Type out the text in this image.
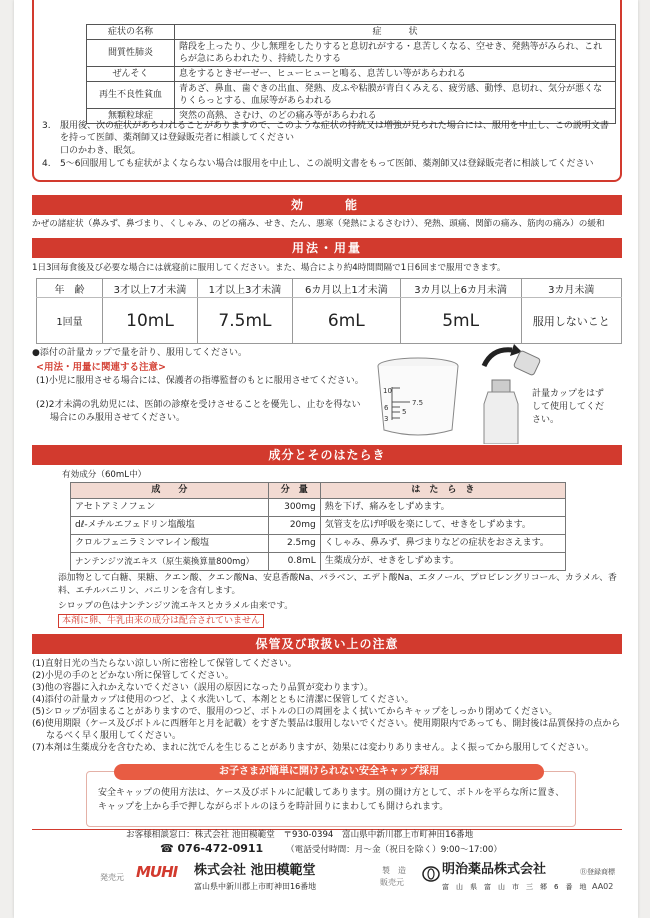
症状の名称	症　　　状
間質性肺炎	階段を上ったり、少し無理をしたりすると息切れがする・息苦しくなる、空せき、発熱等がみられ、これらが急にあらわれたり、持続したりする
ぜんそく	息をするときゼーゼー、ヒューヒューと鳴る、息苦しい等があらわれる
再生不良性貧血	青あざ、鼻血、歯ぐきの出血、発熱、皮ふや粘膜が青白くみえる、疲労感、動悸、息切れ、気分が悪くなりくらっとする、血尿等があらわれる
無顆粒球症	突然の高熱、さむけ、のどの痛み等があらわれる
3.	服用後、次の症状があらわれることがありますので、このような症状の持続又は増強が見られた場合には、服用を中止し、この説明文書を持って医師、薬剤師又は登録販売者に相談してください
口のかわき、眠気。
4.	5～6回服用しても症状がよくならない場合は服用を中止し、この説明文書をもって医師、薬剤師又は登録販売者に相談してください
効　　能
かぜの諸症状（鼻みず、鼻づまり、くしゃみ、のどの痛み、せき、たん、悪寒（発熱によるさむけ）、発熱、頭痛、関節の痛み、筋肉の痛み）の緩和
用法・用量
1日3回毎食後及び必要な場合には就寝前に服用してください。また、場合により約4時間間隔で1日6回まで服用できます。
年　齢	3才以上7才未満	1才以上3才未満	6カ月以上1才未満	3カ月以上6カ月未満	3カ月未満
1回量	10mL	7.5mL	6mL	5mL	服用しないこと
●添付の計量カップで量を計り、服用してください。
<用法・用量に関連する注意>
(1)小児に服用させる場合には、保護者の指導監督のもとに服用させてください。
(2)2才未満の乳幼児には、医師の診療を受けさせることを優先し、止むを得ない場合にのみ服用させてください。
10
7.5
6 5
3
計量カップをはずして使用してください。
成分とそのはたらき
有効成分（60mL中）
成　　分	分　量	は　た　ら　き
アセトアミノフェン	300mg	熱を下げ、痛みをしずめます。
dℓ-メチルエフェドリン塩酸塩	20mg	気管支を広げ呼吸を楽にして、せきをしずめます。
クロルフェニラミンマレイン酸塩	2.5mg	くしゃみ、鼻みず、鼻づまりなどの症状をおさえます。
ナンテンジツ流エキス（原生薬換算量800mg）	0.8mL	生薬成分が、せきをしずめます。
添加物として白糖、果糖、クエン酸、クエン酸Na、安息香酸Na、パラベン、エデト酸Na、エタノール、プロピレングリコール、カラメル、香料、エチルバニリン、バニリンを含有します。
シロップの色はナンテンジツ流エキスとカラメル由来です。
本剤に卵、牛乳由来の成分は配合されていません
保管及び取扱い上の注意
(1)直射日光の当たらない涼しい所に密栓して保管してください。
(2)小児の手のとどかない所に保管してください。
(3)他の容器に入れかえないでください（誤用の原因になったり品質が変わります）。
(4)添付の計量カップは使用のつど、よく水洗いして、本剤とともに清潔に保管してください。
(5)シロップが固まることがありますので、服用のつど、ボトルの口の周囲をよく拭いてからキャップをしっかり閉めてください。
(6)使用期限（ケース及びボトルに西暦年と月を記載）をすぎた製品は服用しないでください。使用期限内であっても、開封後は品質保持の点からなるべく早く服用してください。
(7)本剤は生薬成分を含むため、まれに沈でんを生じることがありますが、効果には変わりありません。よく振ってから服用してください。
お子さまが簡単に開けられない安全キャップ採用
安全キャップの使用方法は、ケース及びボトルに記載してあります。別の開け方として、ボトルを平らな所に置き、キャップを上から手で押しながらボトルのほうを時計回りにまわしても開けられます。
お客様相談窓口：株式会社 池田模範堂　〒930-0394　富山県中新川郡上市町神田16番地
☎ 076-472-0911	（電話受付時間：月～金（祝日を除く）9:00～17:00）
発売元 MUHI 株式会社 池田模範堂
富山県中新川郡上市町神田16番地
製　造
販売元
明治薬品株式会社
富　山　県　富　山　市　三　郷　6　番　地
Ⓡ登録商標
AA02
